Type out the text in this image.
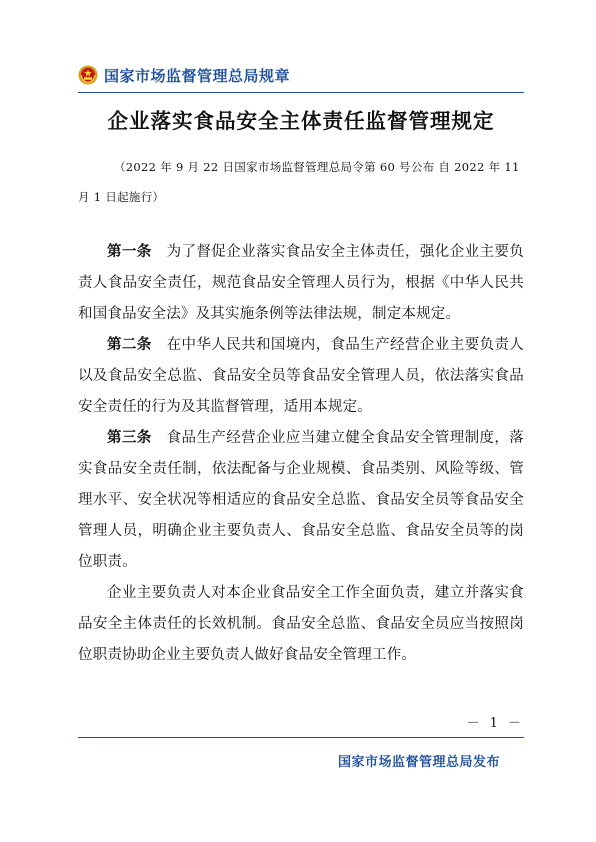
国家市场监督管理总局规章
企业落实食品安全主体责任监督管理规定
（2022 年 9 月 22 日国家市场监督管理总局令第 60 号公布 自 2022 年 11 月 1 日起施行）

第一条　 为了督促企业落实食品安全主体责任，强化企业主要负责人食品安全责任，规范食品安全管理人员行为，根据《中华人民共和国食品安全法》及其实施条例等法律法规，制定本规定。

第二条　 在中华人民共和国境内，食品生产经营企业主要负责人以及食品安全总监、食品安全员等食品安全管理人员，依法落实食品安全责任的行为及其监督管理，适用本规定。

第三条　 食品生产经营企业应当建立健全食品安全管理制度，落实食品安全责任制，依法配备与企业规模、食品类别、风险等级、管理水平、安全状况等相适应的食品安全总监、食品安全员等食品安全管理人员，明确企业主要负责人、食品安全总监、食品安全员等的岗位职责。

企业主要负责人对本企业食品安全工作全面负责，建立并落实食品安全主体责任的长效机制。食品安全总监、食品安全员应当按照岗位职责协助企业主要负责人做好食品安全管理工作。

－ 1 －
国家市场监督管理总局发布
